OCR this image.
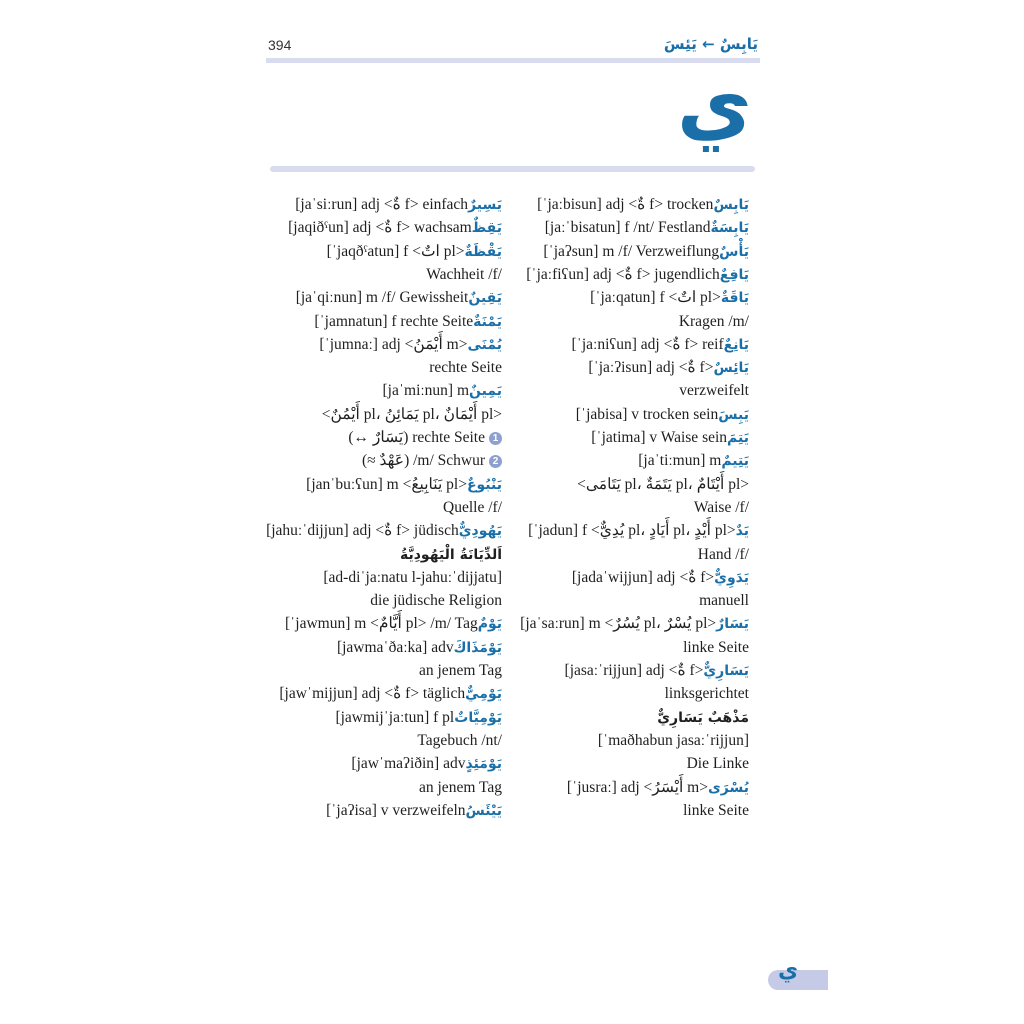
394	يَابِسٌ ← يَئِسَ
ي
[jaˈsiːrun] adj <ةٌ f> einfachيَسِيرٌ
[jaqiðˤun] adj <ةٌ f> wachsamيَقِظٌ
[ˈjaqðˤatun] f <اتٌ pl>يَقْظَةٌ
Wachheit /f/
[jaˈqiːnun] m /f/ Gewissheitيَقِينٌ
[ˈjamnatun] f rechte Seiteيَمْنَةٌ
[ˈjumnaː] adj <أَيْمَنُ m>يُمْنَى
rechte Seite
[jaˈmiːnun] mيَمِينٌ
<أَيْمُنٌ pl، يَمَائِنُ pl، أَيْمَانٌ pl>
(↔ يَسَارٌ) rechte Seite 1
(≈ عَهْدٌ) /m/ Schwur 2
[janˈbuːʕun] m <يَنَابِيعُ pl>يَنْبُوعٌ
Quelle /f/
[jahuːˈdijjun] adj <ةٌ f> jüdischيَهُودِيٌّ
اَلدِّيَانَةُ الْيَهُودِيَّةُ
[ad-diˈjaːnatu l-jahuːˈdijjatu]
die jüdische Religion
[ˈjawmun] m <أَيَّامٌ pl> /m/ Tagيَوْمٌ
[jawmaˈðaːka] advيَوْمَذَاكَ
an jenem Tag
[jawˈmijjun] adj <ةٌ f> täglichيَوْمِيٌّ
[jawmijˈjaːtun] f plيَوْمِيَّاتٌ
Tagebuch /nt/
[jawˈmaʔiðin] advيَوْمَئِذٍ
an jenem Tag
[ˈjaʔisa] v verzweifelnيَيْئَسُ
[ˈjaːbisun] adj <ةٌ f> trockenيَابِسٌ
[jaːˈbisatun] f /nt/ Festlandيَابِسَةٌ
[ˈjaʔsun] m /f/ Verzweiflungيَأْسٌ
[ˈjaːfiʕun] adj <ةٌ f> jugendlichيَافِعٌ
[ˈjaːqatun] f <اتٌ pl>يَاقَةٌ
Kragen /m/
[ˈjaːniʕun] adj <ةٌ f> reifيَانِعٌ
[ˈjaːʔisun] adj <ةٌ f>يَائِسٌ
verzweifelt
[ˈjabisa] v trocken seinيَبِسَ
[ˈjatima] v Waise seinيَتِمَ
[jaˈtiːmun] mيَتِيمٌ
<يَتَامَى pl، يَتَمَةٌ pl، أَيْتَامٌ pl>
Waise /f/
[ˈjadun] f <يُدِيٌّ pl، أَيَادٍ pl، أَيْدٍ pl>يَدٌ
Hand /f/
[jadaˈwijjun] adj <ةٌ f>يَدَوِيٌّ
manuell
[jaˈsaːrun] m <يُسُرٌ pl، يُسْرٌ pl>يَسَارٌ
linke Seite
[jasaːˈrijjun] adj <ةٌ f>يَسَارِيٌّ
linksgerichtet
مَذْهَبٌ يَسَارِيٌّ
[ˈmaðhabun jasaːˈrijjun]
Die Linke
[ˈjusraː] adj <أَيْسَرُ m>يُسْرَى
linke Seite
ي
